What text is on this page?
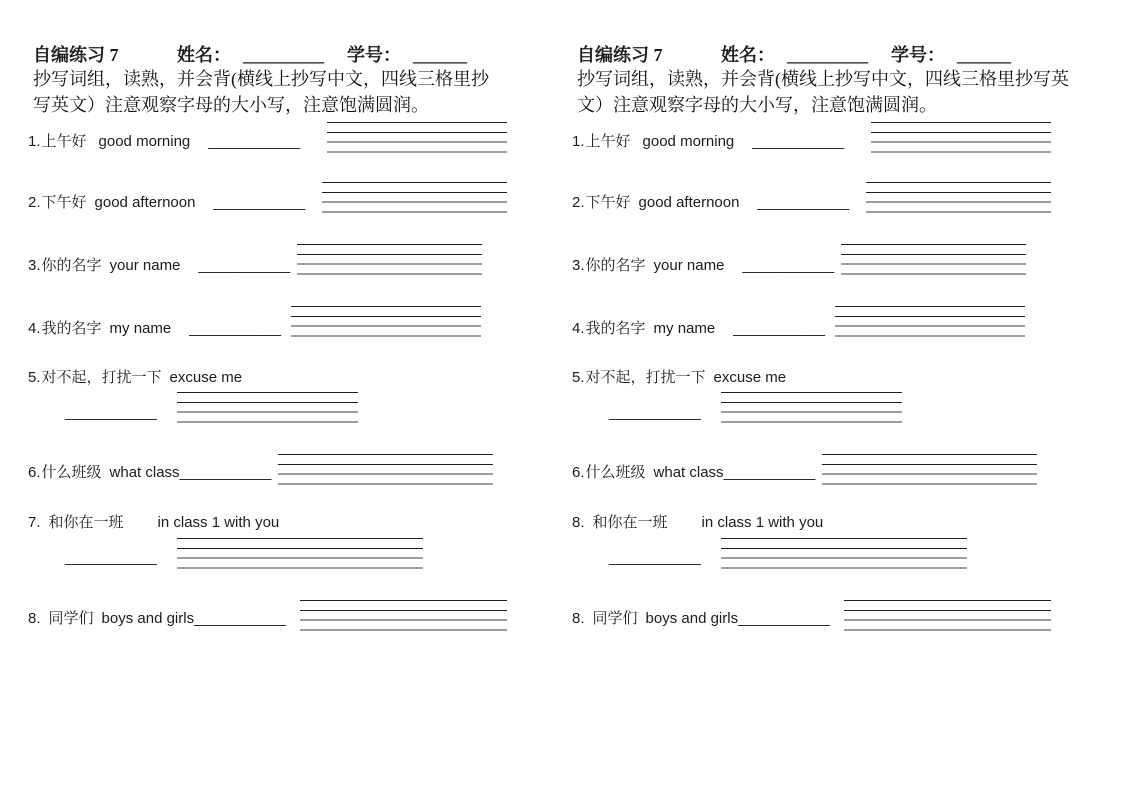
自编练习 7	姓名： _________ 学号： ______
抄写词组，读熟，并会背(横线上抄写中文，四线三格里抄写英文）注意观察字母的大小写，注意饱满圆润。
1.上午好 good morning ___________
2.下午好 good afternoon ___________
3.你的名字 your name ___________
4.我的名字 my name ___________
5.对不起，打扰一下 excuse me
___________
6.什么班级 what class___________
7. 和你在一班 in class 1 with you
___________
8. 同学们 boys and girls___________
自编练习 7	姓名： _________ 学号： ______
抄写词组，读熟，并会背(横线上抄写中文，四线三格里抄写英文）注意观察字母的大小写，注意饱满圆润。
1.上午好 good morning ___________
2.下午好 good afternoon ___________
3.你的名字 your name ___________
4.我的名字 my name ___________
5.对不起，打扰一下 excuse me
___________
6.什么班级 what class___________
8. 和你在一班 in class 1 with you
___________
8. 同学们 boys and girls___________
